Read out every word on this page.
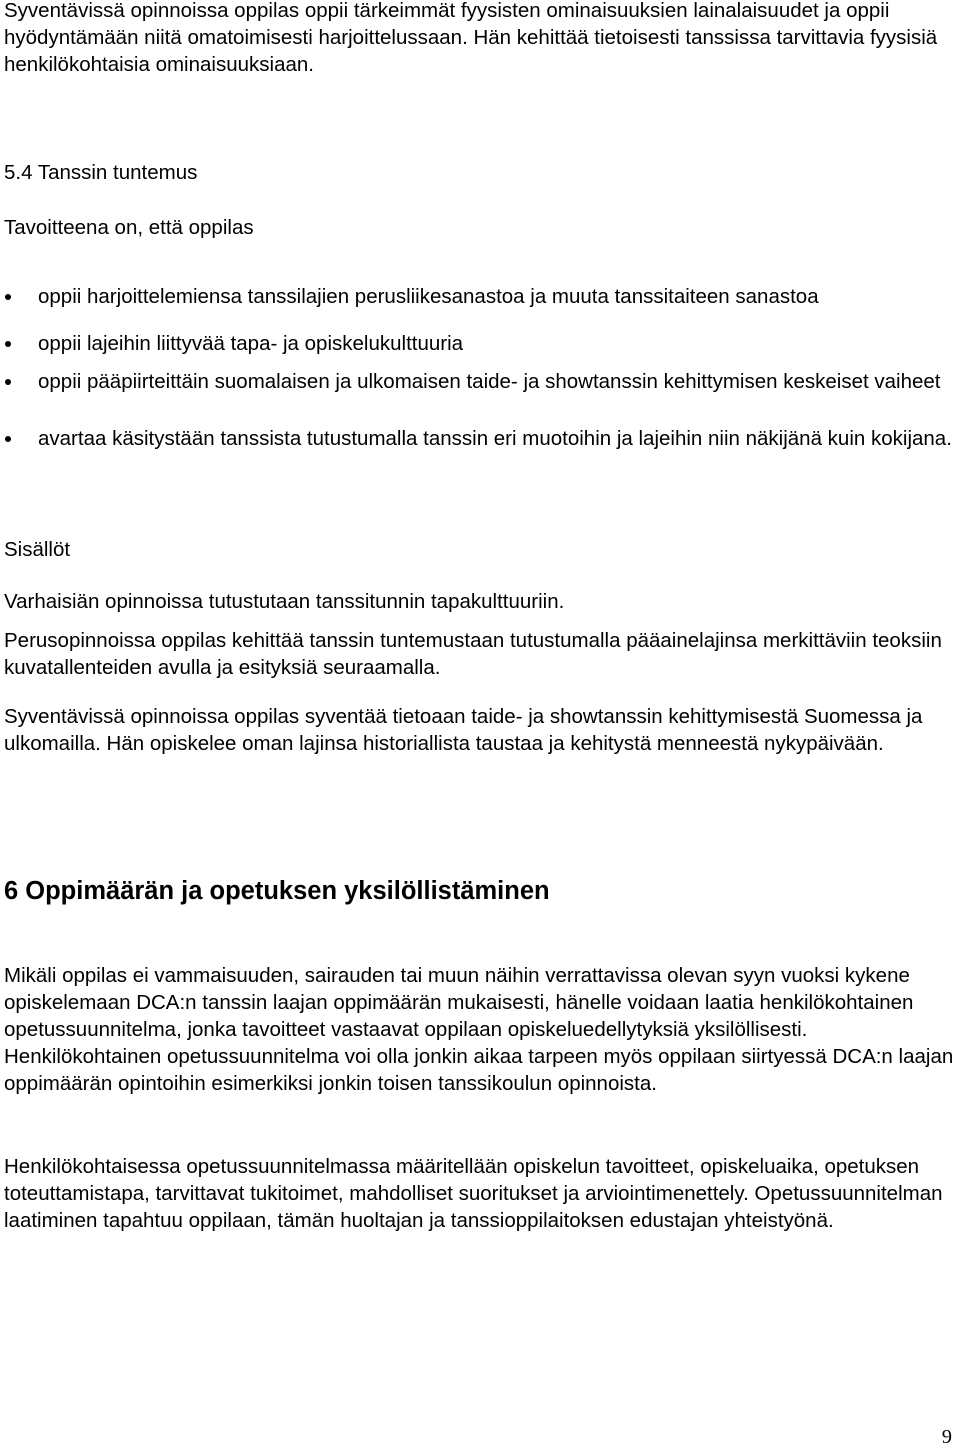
Syventävissä opinnoissa oppilas oppii tärkeimmät fyysisten ominaisuuksien lainalaisuudet ja oppii hyödyntämään niitä omatoimisesti harjoittelussaan. Hän kehittää tietoisesti tanssissa tarvittavia fyysisiä henkilökohtaisia ominaisuuksiaan.

5.4 Tanssin tuntemus

Tavoitteena on, että oppilas

oppii harjoittelemiensa tanssilajien perusliikesanastoa ja muuta tanssitaiteen sanastoa
oppii lajeihin liittyvää tapa- ja opiskelukulttuuria
oppii pääpiirteittäin suomalaisen ja ulkomaisen taide- ja showtanssin kehittymisen keskeiset vaiheet
avartaa käsitystään tanssista tutustumalla tanssin eri muotoihin ja lajeihin niin näkijänä kuin kokijana.

Sisällöt

Varhaisiän opinnoissa tutustutaan tanssitunnin tapakulttuuriin.

Perusopinnoissa oppilas kehittää tanssin tuntemustaan tutustumalla pääainelajinsa merkittäviin teoksiin kuvatallenteiden avulla ja esityksiä seuraamalla.

Syventävissä opinnoissa oppilas syventää tietoaan taide- ja showtanssin kehittymisestä Suomessa ja ulkomailla. Hän opiskelee oman lajinsa historiallista taustaa ja kehitystä menneestä nykypäivään.

6 Oppimäärän ja opetuksen yksilöllistäminen

Mikäli oppilas ei vammaisuuden, sairauden tai muun näihin verrattavissa olevan syyn vuoksi kykene opiskelemaan DCA:n tanssin laajan oppimäärän mukaisesti, hänelle voidaan laatia henkilökohtainen opetussuunnitelma, jonka tavoitteet vastaavat oppilaan opiskeluedellytyksiä yksilöllisesti. Henkilökohtainen opetussuunnitelma voi olla jonkin aikaa tarpeen myös oppilaan siirtyessä DCA:n laajan oppimäärän opintoihin esimerkiksi jonkin toisen tanssikoulun opinnoista.

Henkilökohtaisessa opetussuunnitelmassa määritellään opiskelun tavoitteet, opiskeluaika, opetuksen toteuttamistapa, tarvittavat tukitoimet, mahdolliset suoritukset ja arviointimenettely. Opetussuunnitelman laatiminen tapahtuu oppilaan, tämän huoltajan ja tanssioppilaitoksen edustajan yhteistyönä.

9
